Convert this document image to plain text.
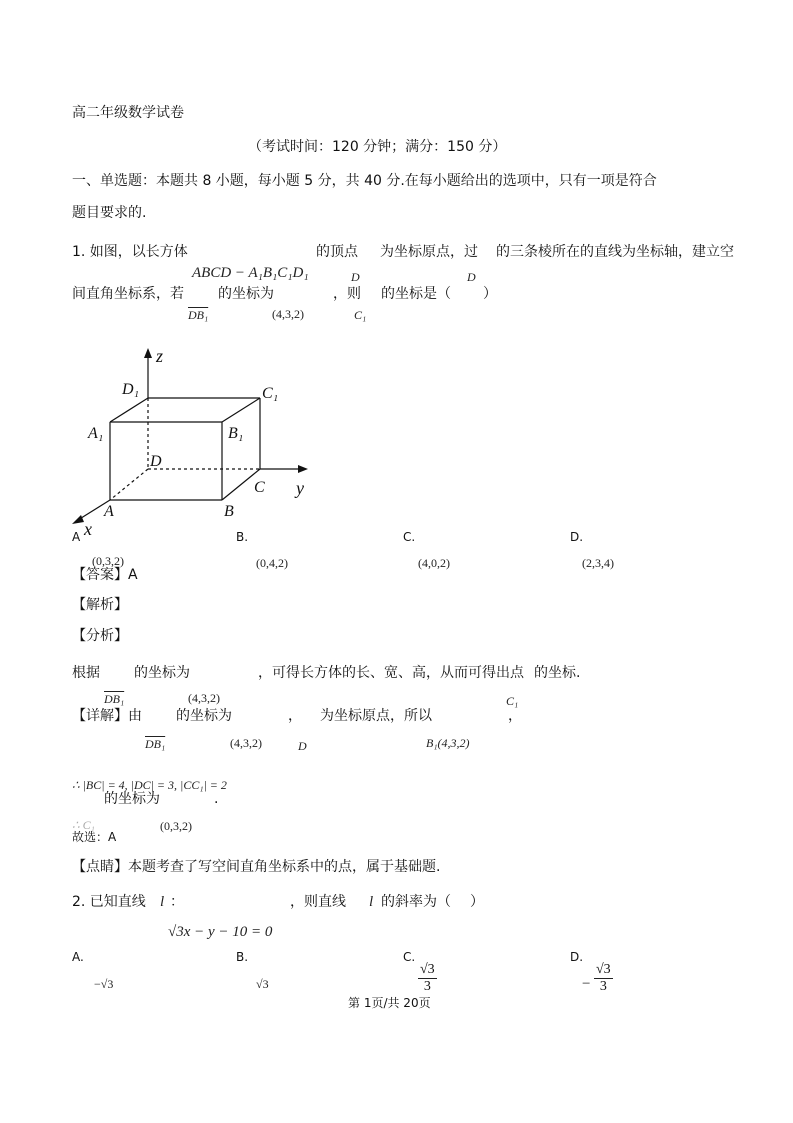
高二年级数学试卷
（考试时间：120 分钟；满分：150 分）
一、单选题：本题共 8 小题，每小题 5 分，共 40 分.在每小题给出的选项中，只有一项是符合
题目要求的.
1. 如图，以长方体	的顶点 为坐标原点，过 的三条棱所在的直线为坐标轴，建立空
ABCD − A₁B₁C₁D₁	D	D
间直角坐标系，若 的坐标为	，则 的坐标是（ ）
DB₁	(4,3,2)	C₁
z
y
x
D₁	C₁
A₁	B₁
D
C
A	B
A
(0,3,2)
B.
(0,4,2)
C.
(4,0,2)
D.
(2,3,4)
【答案】 A
【解析】
【分析】
根据 的坐标为	，可得长方体的长、宽、高，从而可得出点 的坐标.
DB₁	(4,3,2)	C₁
【详解】 由 的坐标为	， 为坐标原点，所以	，
DB₁	(4,3,2)	D	B₁(4,3,2)
∴ |BC| = 4, |DC| = 3, |CC₁| = 2
的坐标为	.
∴ C₁	(0,3,2)
故选：A
【点睛】 本题考查了写空间直角坐标系中的点，属于基础题.
2. 已知直线 l ：	，则直线 l 的斜率为（ ）
√3x − y − 10 = 0
A.
−√3
B.
√3
C.
$\frac{√3}{3}$
D.
− $\frac{√3}{3}$
第 1页/共 20页
